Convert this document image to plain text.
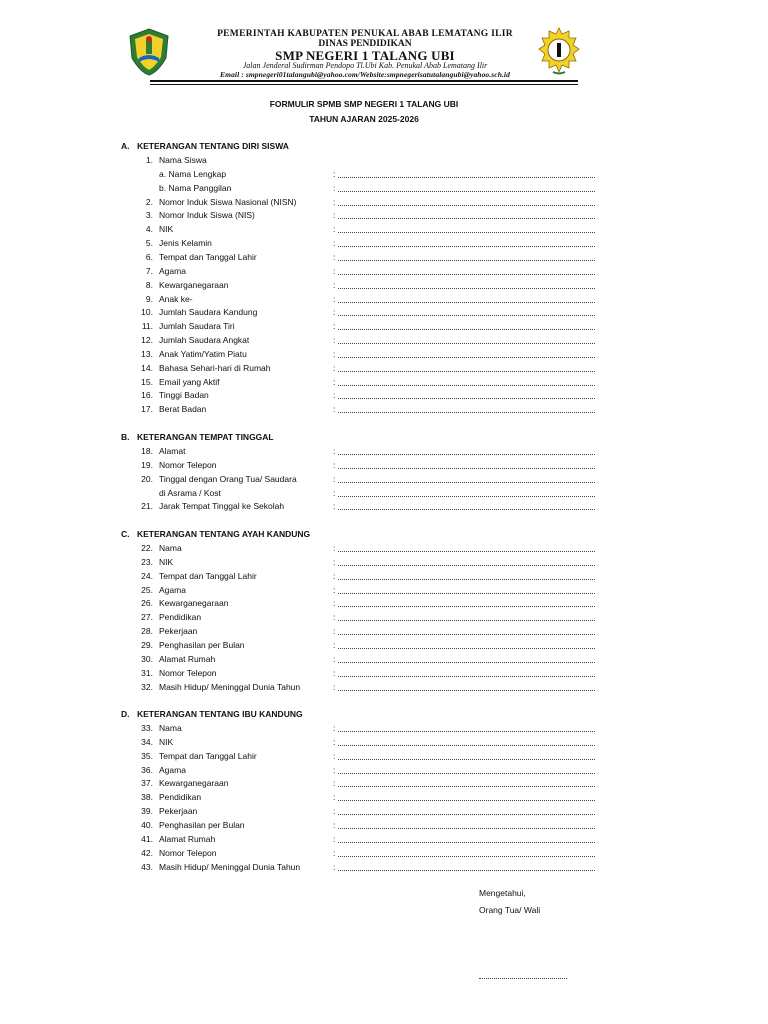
PEMERINTAH KABUPATEN PENUKAL ABAB LEMATANG ILIR
DINAS PENDIDIKAN
SMP NEGERI 1 TALANG UBI
Jalan Jenderal Sudirman Pendopo Tl.Ubi Kab. Penukal Abab Lematang Ilir
Email : smpnegeri01talangubi@yahoo.com/Website:smpnegerisatutalangubi@yahoo.sch.id
FORMULIR SPMB SMP NEGERI 1 TALANG UBI
TAHUN AJARAN 2025-2026
A. KETERANGAN TENTANG DIRI SISWA
B. KETERANGAN TEMPAT TINGGAL
C. KETERANGAN TENTANG AYAH KANDUNG
D. KETERANGAN TENTANG IBU KANDUNG
1. Nama Siswa
a. Nama Lengkap	:
b. Nama Panggilan	:
2. Nomor Induk Siswa Nasional (NISN)	:
3. Nomor Induk Siswa (NIS)	:
4. NIK	:
5. Jenis Kelamin	:
6. Tempat dan Tanggal Lahir	:
7. Agama	:
8. Kewarganegaraan	:
9. Anak ke-	:
10. Jumlah Saudara Kandung	:
11. Jumlah Saudara Tiri	:
12. Jumlah Saudara Angkat	:
13. Anak Yatim/Yatim Piatu	:
14. Bahasa Sehari-hari di Rumah	:
15. Email yang Aktif	:
16. Tinggi Badan	:
17. Berat Badan	:
18. Alamat	:
19. Nomor Telepon	:
20. Tinggal dengan Orang Tua/ Saudara	:
di Asrama / Kost	:
21. Jarak Tempat Tinggal ke Sekolah	:
22. Nama	:
23. NIK	:
24. Tempat dan Tanggal Lahir	:
25. Agama	:
26. Kewarganegaraan	:
27. Pendidikan	:
28. Pekerjaan	:
29. Penghasilan per Bulan	:
30. Alamat Rumah	:
31. Nomor Telepon	:
32. Masih Hidup/ Meninggal Dunia Tahun	:
33. Nama	:
34. NIK	:
35. Tempat dan Tanggal Lahir	:
36. Agama	:
37. Kewarganegaraan	:
38. Pendidikan	:
39. Pekerjaan	:
40. Penghasilan per Bulan	:
41. Alamat Rumah	:
42. Nomor Telepon	:
43. Masih Hidup/ Meninggal Dunia Tahun	:
Mengetahui,
Orang Tua/ Wali
